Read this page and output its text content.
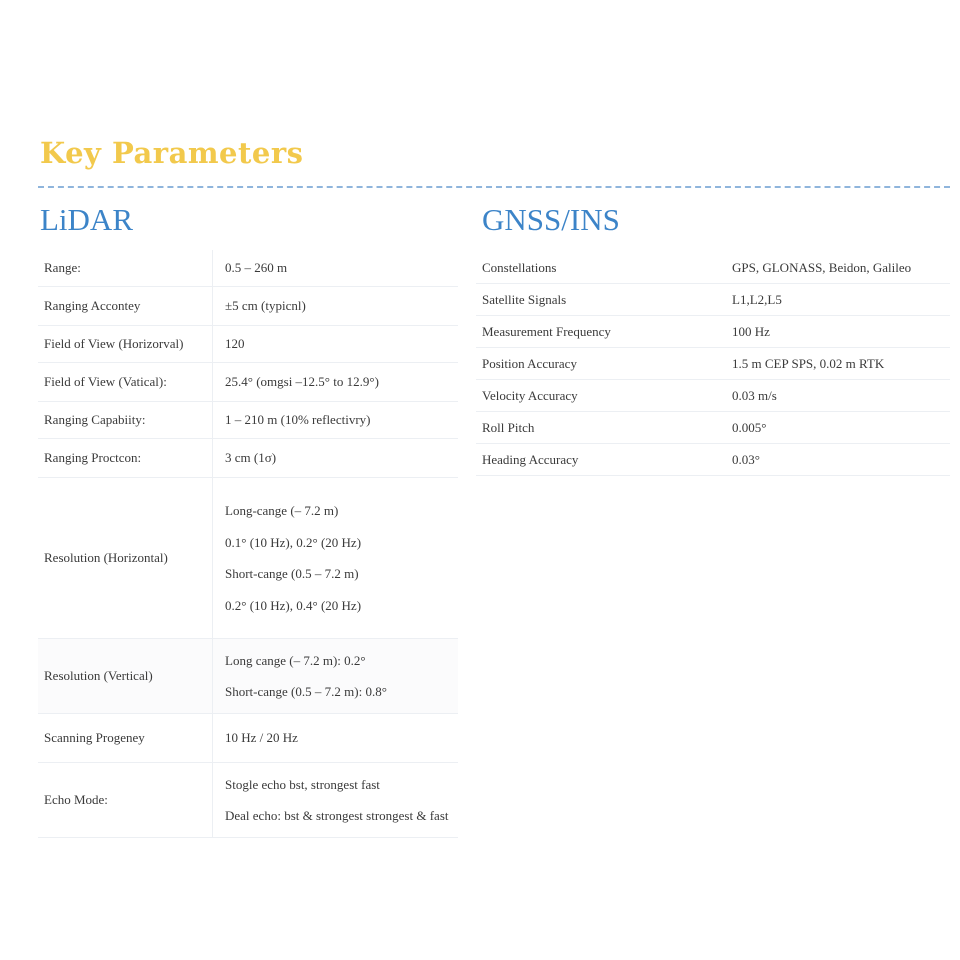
Key Parameters
LiDAR	GNSS/INS
Range:	0.5 – 260 m
Ranging Accontey	±5 cm (typicnl)
Field of View (Horizorval)	120
Field of View (Vatical):	25.4° (omgsi –12.5° to 12.9°)
Ranging Capabiity:	1 – 210 m (10% reflectivry)
Ranging Proctcon:	3 cm (1σ)
Resolution (Horizontal)	Long-cange (– 7.2 m)
0.1° (10 Hz), 0.2° (20 Hz)
Short-cange (0.5 – 7.2 m)
0.2° (10 Hz), 0.4° (20 Hz)

Resolution (Vertical)	Long cange (– 7.2 m): 0.2°
Short-cange (0.5 – 7.2 m): 0.8°

Scanning Progeney	10 Hz / 20 Hz
Echo Mode:	Stogle echo bst, strongest fast
Deal echo: bst & strongest strongest & fast
Constellations	GPS, GLONASS, Beidon, Galileo
Satellite Signals	L1,L2,L5
Measurement Frequency	100 Hz
Position Accuracy	1.5 m CEP SPS, 0.02 m RTK
Velocity Accuracy	0.03 m/s
Roll Pitch	0.005°
Heading Accuracy	0.03°
